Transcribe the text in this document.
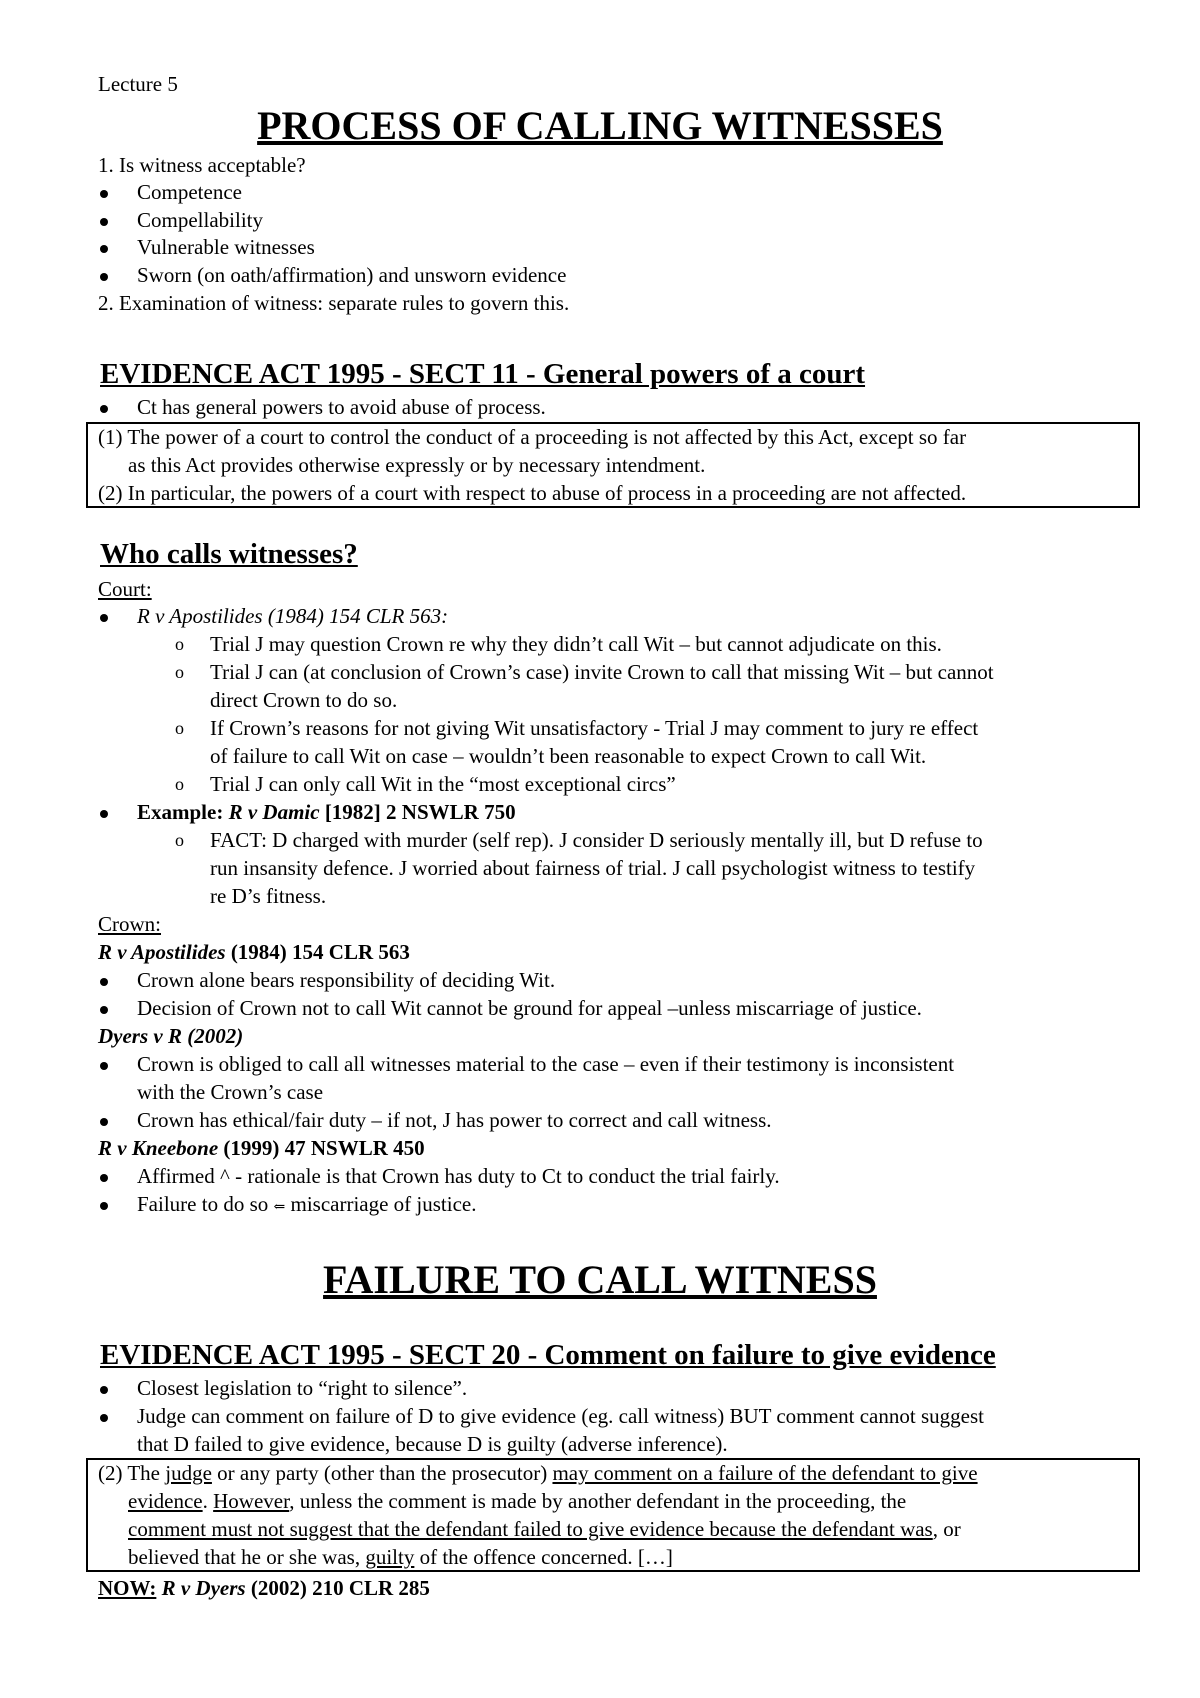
Lecture 5
PROCESS OF CALLING WITNESSES
1. Is witness acceptable?
Competence
Compellability
Vulnerable witnesses
Sworn (on oath/affirmation) and unsworn evidence
2. Examination of witness: separate rules to govern this.
EVIDENCE ACT 1995 - SECT 11 - General powers of a court
Ct has general powers to avoid abuse of process.
(1) The power of a court to control the conduct of a proceeding is not affected by this Act, except so far
as this Act provides otherwise expressly or by necessary intendment.
(2) In particular, the powers of a court with respect to abuse of process in a proceeding are not affected.
Who calls witnesses?
Court:
R v Apostilides (1984) 154 CLR 563:
o Trial J may question Crown re why they didn’t call Wit – but cannot adjudicate on this.
o Trial J can (at conclusion of Crown’s case) invite Crown to call that missing Wit – but cannot
direct Crown to do so.
o If Crown’s reasons for not giving Wit unsatisfactory - Trial J may comment to jury re effect
of failure to call Wit on case – wouldn’t been reasonable to expect Crown to call Wit.
o Trial J can only call Wit in the “most exceptional circs”
Example: R v Damic [1982] 2 NSWLR 750
o FACT: D charged with murder (self rep). J consider D seriously mentally ill, but D refuse to
run insansity defence. J worried about fairness of trial. J call psychologist witness to testify
re D’s fitness.
Crown:
R v Apostilides (1984) 154 CLR 563
Crown alone bears responsibility of deciding Wit.
Decision of Crown not to call Wit cannot be ground for appeal –unless miscarriage of justice.
Dyers v R (2002)
Crown is obliged to call all witnesses material to the case – even if their testimony is inconsistent
with the Crown’s case
Crown has ethical/fair duty – if not, J has power to correct and call witness.
R v Kneebone (1999) 47 NSWLR 450
Affirmed ^ - rationale is that Crown has duty to Ct to conduct the trial fairly.
Failure to do so ⇐ miscarriage of justice.
FAILURE TO CALL WITNESS
EVIDENCE ACT 1995 - SECT 20 - Comment on failure to give evidence
Closest legislation to “right to silence”.
Judge can comment on failure of D to give evidence (eg. call witness) BUT comment cannot suggest
that D failed to give evidence, because D is guilty (adverse inference).
(2) The judge or any party (other than the prosecutor) may comment on a failure of the defendant to give
evidence. However, unless the comment is made by another defendant in the proceeding, the
comment must not suggest that the defendant failed to give evidence because the defendant was, or
believed that he or she was, guilty of the offence concerned. […]
NOW: R v Dyers (2002) 210 CLR 285
